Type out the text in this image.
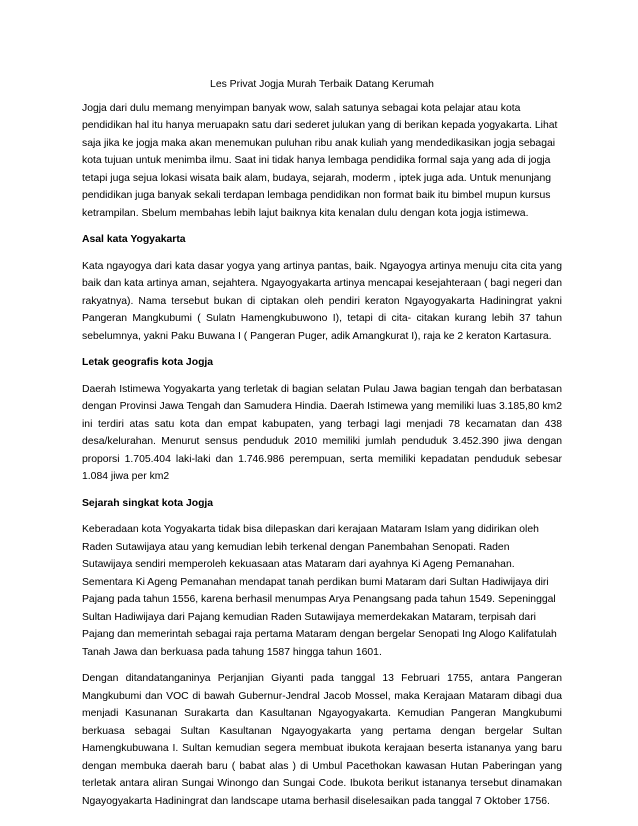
Les Privat Jogja Murah Terbaik Datang Kerumah

Jogja dari dulu memang menyimpan banyak wow, salah satunya sebagai kota pelajar atau kota pendidikan hal itu hanya meruapakn satu dari sederet julukan yang di berikan kepada yogyakarta. Lihat saja jika ke jogja maka akan menemukan puluhan ribu anak kuliah yang mendedikasikan jogja sebagai kota tujuan untuk menimba ilmu. Saat ini tidak hanya lembaga pendidika formal saja yang ada di jogja tetapi juga sejua lokasi wisata baik alam, budaya, sejarah, moderm , iptek juga ada. Untuk menunjang pendidikan juga banyak sekali terdapan lembaga pendidikan non format baik itu bimbel mupun kursus ketrampilan. Sbelum membahas lebih lajut baiknya kita kenalan dulu dengan kota jogja istimewa.

Asal kata Yogyakarta

Kata ngayogya dari kata dasar yogya yang artinya pantas, baik. Ngayogya artinya menuju cita cita yang baik dan kata artinya aman, sejahtera. Ngayogyakarta artinya mencapai kesejahteraan ( bagi negeri dan rakyatnya). Nama tersebut bukan di ciptakan oleh pendiri keraton Ngayogyakarta Hadiningrat yakni Pangeran Mangkubumi ( Sulatn Hamengkubuwono I), tetapi di cita- citakan kurang lebih 37 tahun sebelumnya, yakni Paku Buwana I ( Pangeran Puger, adik Amangkurat I), raja ke 2 keraton Kartasura.

Letak geografis kota Jogja

Daerah Istimewa Yogyakarta yang terletak di bagian selatan Pulau Jawa bagian tengah dan berbatasan dengan Provinsi Jawa Tengah dan Samudera Hindia. Daerah Istimewa yang memiliki luas 3.185,80 km2 ini terdiri atas satu kota dan empat kabupaten, yang terbagi lagi menjadi 78 kecamatan dan 438 desa/kelurahan. Menurut sensus penduduk 2010 memiliki jumlah penduduk 3.452.390 jiwa dengan proporsi 1.705.404 laki-laki dan 1.746.986 perempuan, serta memiliki kepadatan penduduk sebesar 1.084 jiwa per km2

Sejarah singkat kota Jogja

Keberadaan kota Yogyakarta tidak bisa dilepaskan dari kerajaan Mataram Islam yang didirikan oleh Raden Sutawijaya atau yang kemudian lebih terkenal dengan Panembahan Senopati. Raden Sutawijaya sendiri memperoleh kekuasaan atas Mataram dari ayahnya Ki Ageng Pemanahan. Sementara Ki Ageng Pemanahan mendapat tanah perdikan bumi Mataram dari Sultan Hadiwijaya diri Pajang pada tahun 1556, karena berhasil menumpas Arya Penangsang pada tahun 1549. Sepeninggal Sultan Hadiwijaya dari Pajang kemudian Raden Sutawijaya memerdekakan Mataram, terpisah dari Pajang dan memerintah sebagai raja pertama Mataram dengan bergelar Senopati Ing Alogo Kalifatulah Tanah Jawa dan berkuasa pada tahung 1587 hingga tahun 1601.

Dengan ditandatanganinya Perjanjian Giyanti pada tanggal 13 Februari 1755, antara Pangeran Mangkubumi dan VOC di bawah Gubernur-Jendral Jacob Mossel, maka Kerajaan Mataram dibagi dua menjadi Kasunanan Surakarta dan Kasultanan Ngayogyakarta. Kemudian Pangeran Mangkubumi berkuasa sebagai Sultan Kasultanan Ngayogyakarta yang pertama dengan bergelar Sultan Hamengkubuwana I. Sultan kemudian segera membuat ibukota kerajaan beserta istananya yang baru dengan membuka daerah baru ( babat alas ) di Umbul Pacethokan kawasan Hutan Paberingan yang terletak antara aliran Sungai Winongo dan Sungai Code. Ibukota berikut istananya tersebut dinamakan Ngayogyakarta Hadiningrat dan landscape utama berhasil diselesaikan pada tanggal 7 Oktober 1756.
